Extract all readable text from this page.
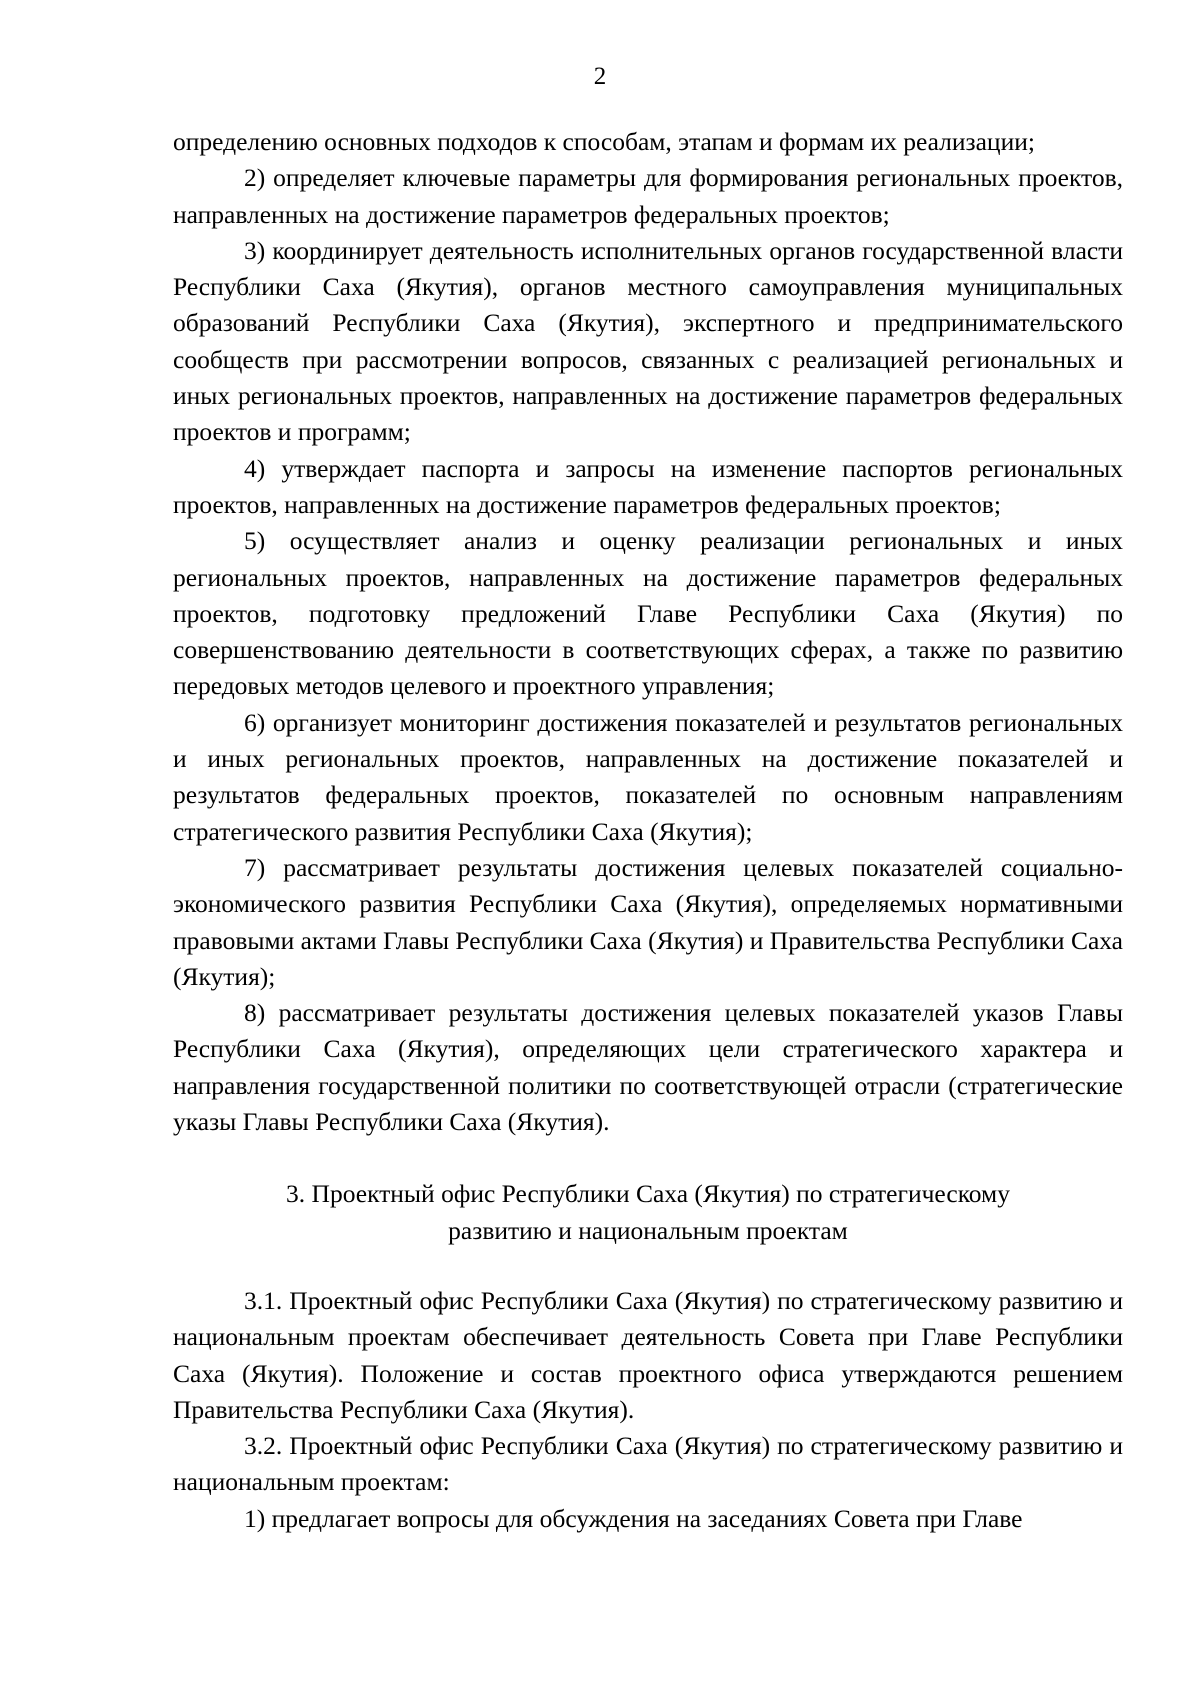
2

определению основных подходов к способам, этапам и формам их реализации;

2) определяет ключевые параметры для формирования региональных проектов, направленных на достижение параметров федеральных проектов;

3) координирует деятельность исполнительных органов государственной власти Республики Саха (Якутия), органов местного самоуправления муниципальных образований Республики Саха (Якутия), экспертного и предпринимательского сообществ при рассмотрении вопросов, связанных с реализацией региональных и иных региональных проектов, направленных на достижение параметров федеральных проектов и программ;

4) утверждает паспорта и запросы на изменение паспортов региональных проектов, направленных на достижение параметров федеральных проектов;

5) осуществляет анализ и оценку реализации региональных и иных региональных проектов, направленных на достижение параметров федеральных проектов, подготовку предложений Главе Республики Саха (Якутия) по совершенствованию деятельности в соответствующих сферах, а также по развитию передовых методов целевого и проектного управления;

6) организует мониторинг достижения показателей и результатов региональных и иных региональных проектов, направленных на достижение показателей и результатов федеральных проектов, показателей по основным направлениям стратегического развития Республики Саха (Якутия);

7) рассматривает результаты достижения целевых показателей социально-экономического развития Республики Саха (Якутия), определяемых нормативными правовыми актами Главы Республики Саха (Якутия) и Правительства Республики Саха (Якутия);

8) рассматривает результаты достижения целевых показателей указов Главы Республики Саха (Якутия), определяющих цели стратегического характера и направления государственной политики по соответствующей отрасли (стратегические указы Главы Республики Саха (Якутия).

3. Проектный офис Республики Саха (Якутия) по стратегическому развитию и национальным проектам

3.1. Проектный офис Республики Саха (Якутия) по стратегическому развитию и национальным проектам обеспечивает деятельность Совета при Главе Республики Саха (Якутия). Положение и состав проектного офиса утверждаются решением Правительства Республики Саха (Якутия).

3.2. Проектный офис Республики Саха (Якутия) по стратегическому развитию и национальным проектам:

1) предлагает вопросы для обсуждения на заседаниях Совета при Главе
